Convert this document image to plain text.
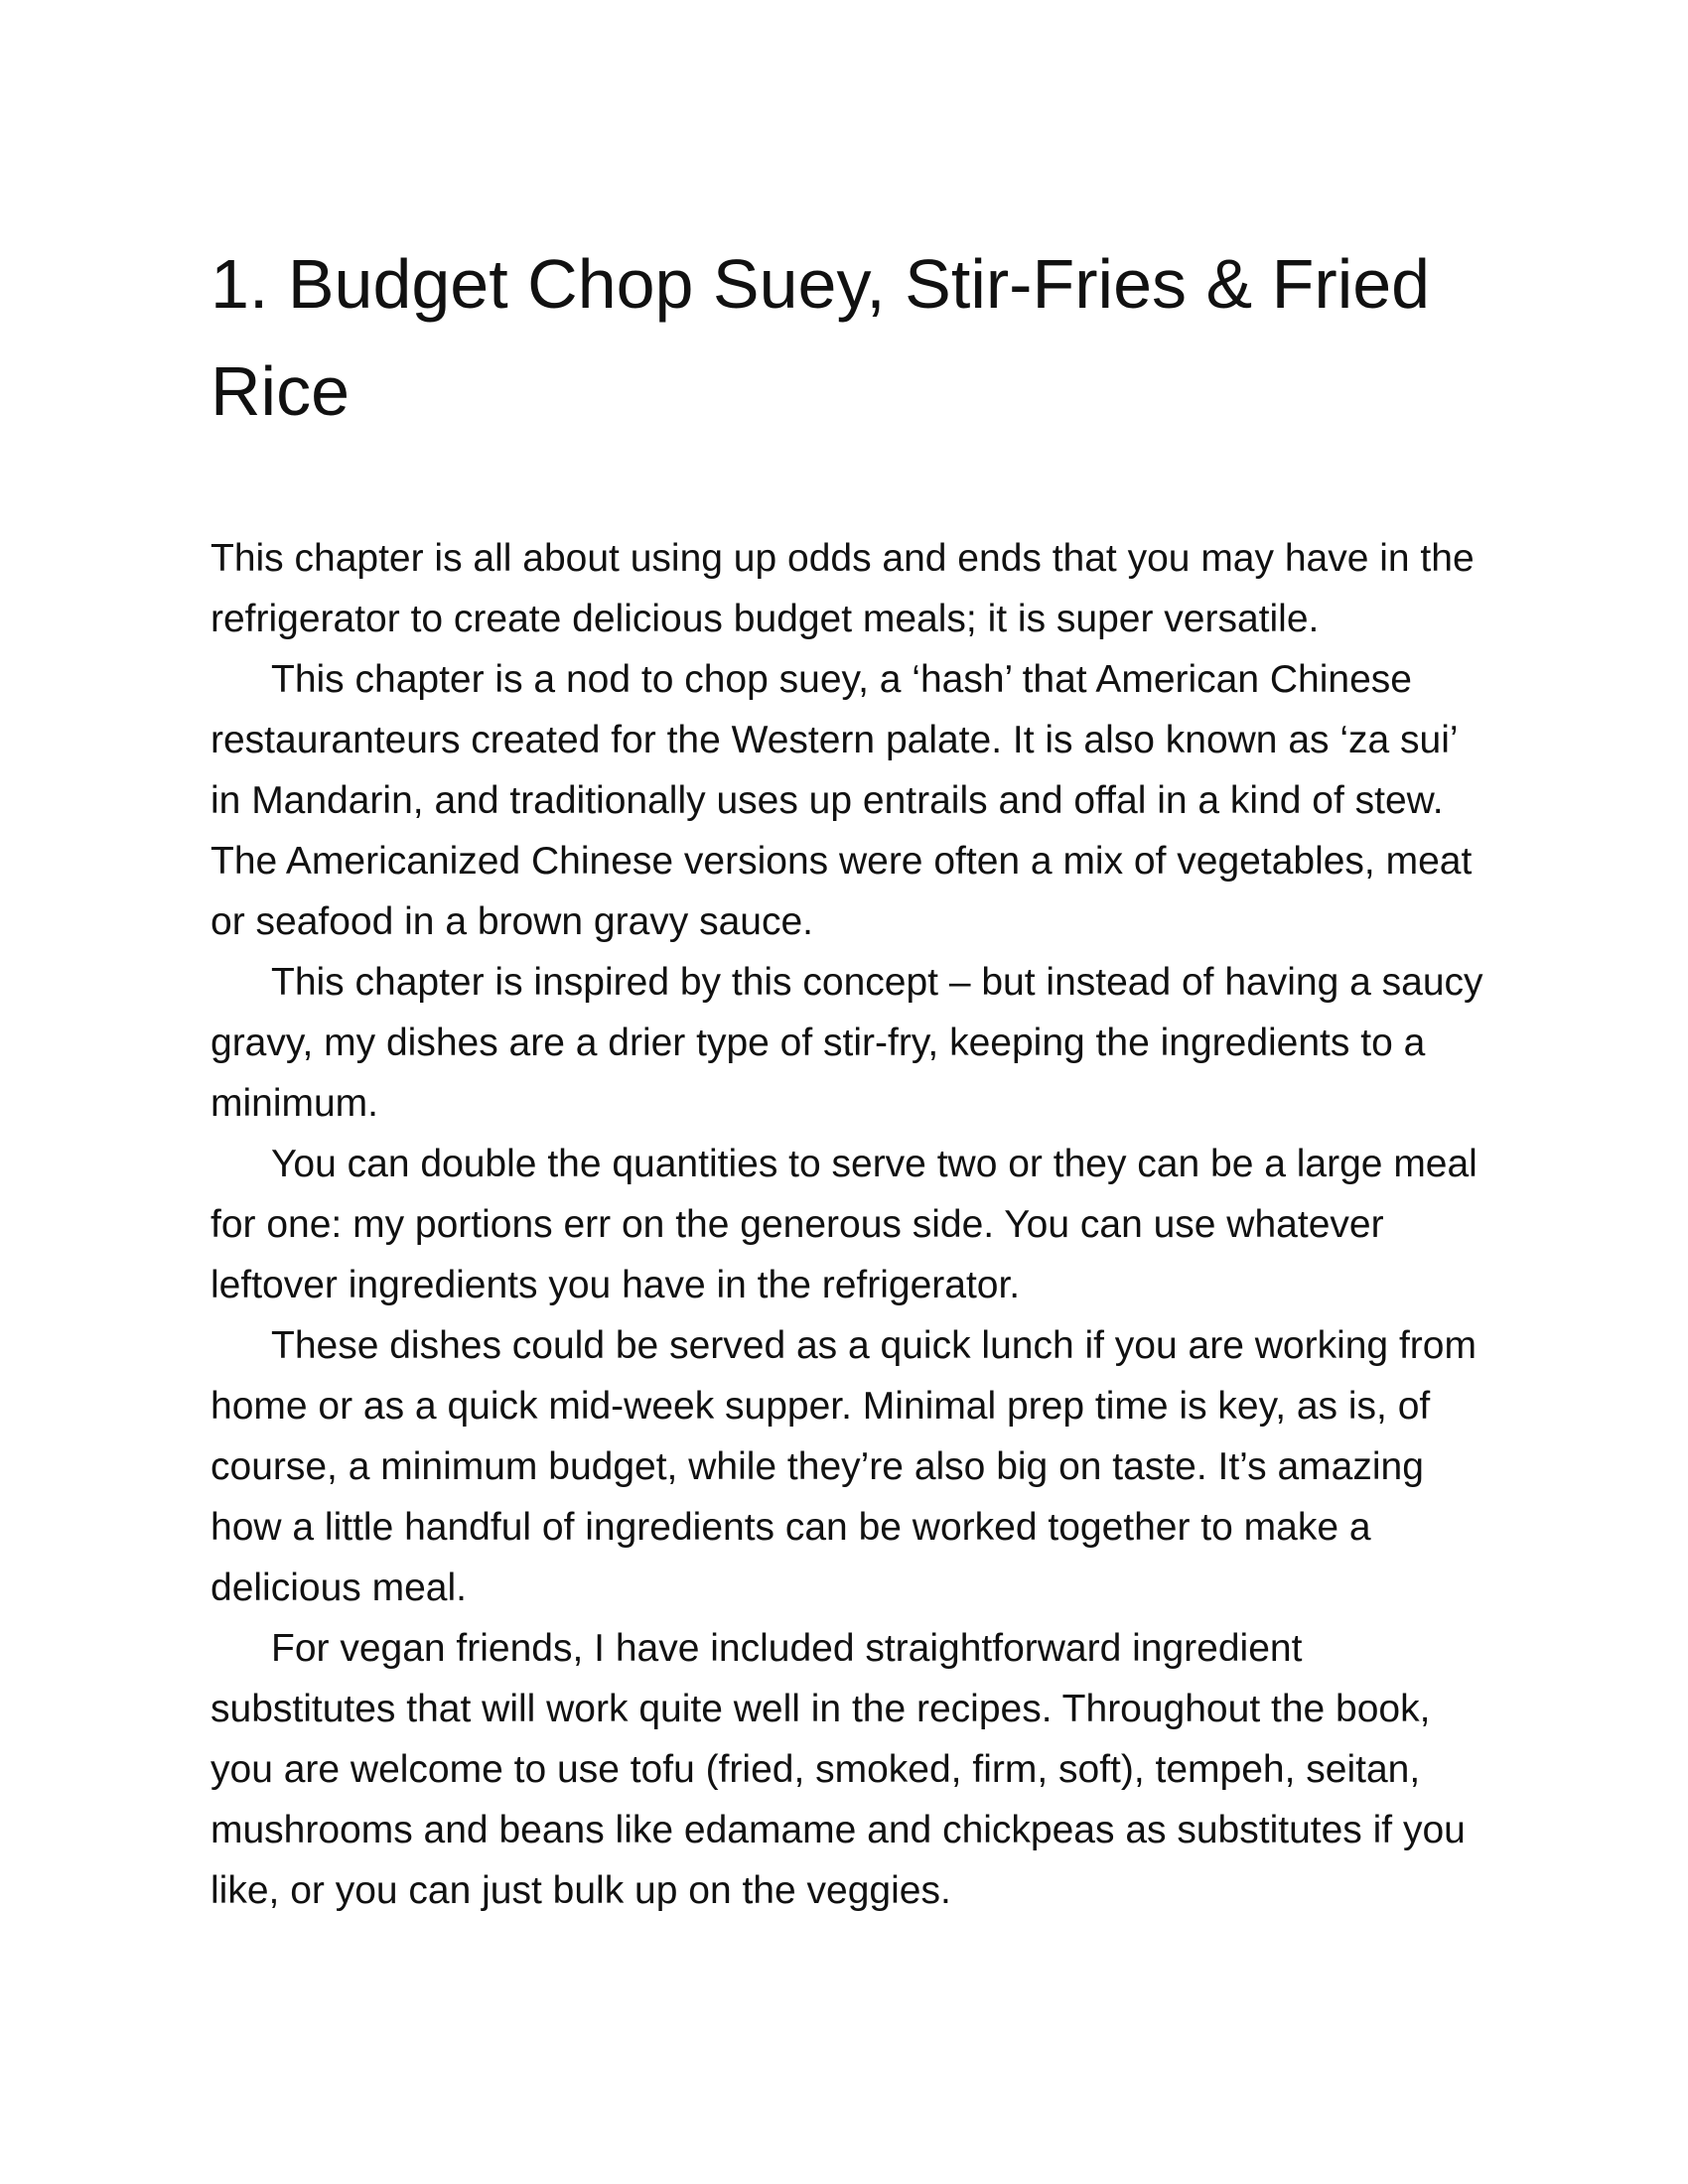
1. Budget Chop Suey, Stir-Fries & Fried Rice

This chapter is all about using up odds and ends that you may have in the refrigerator to create delicious budget meals; it is super versatile.

This chapter is a nod to chop suey, a ‘hash’ that American Chinese restauranteurs created for the Western palate. It is also known as ‘za sui’ in Mandarin, and traditionally uses up entrails and offal in a kind of stew. The Americanized Chinese versions were often a mix of vegetables, meat or seafood in a brown gravy sauce.

This chapter is inspired by this concept – but instead of having a saucy gravy, my dishes are a drier type of stir-fry, keeping the ingredients to a minimum.

You can double the quantities to serve two or they can be a large meal for one: my portions err on the generous side. You can use whatever leftover ingredients you have in the refrigerator.

These dishes could be served as a quick lunch if you are working from home or as a quick mid-week supper. Minimal prep time is key, as is, of course, a minimum budget, while they’re also big on taste. It’s amazing how a little handful of ingredients can be worked together to make a delicious meal.

For vegan friends, I have included straightforward ingredient substitutes that will work quite well in the recipes. Throughout the book, you are welcome to use tofu (fried, smoked, firm, soft), tempeh, seitan, mushrooms and beans like edamame and chickpeas as substitutes if you like, or you can just bulk up on the veggies.
